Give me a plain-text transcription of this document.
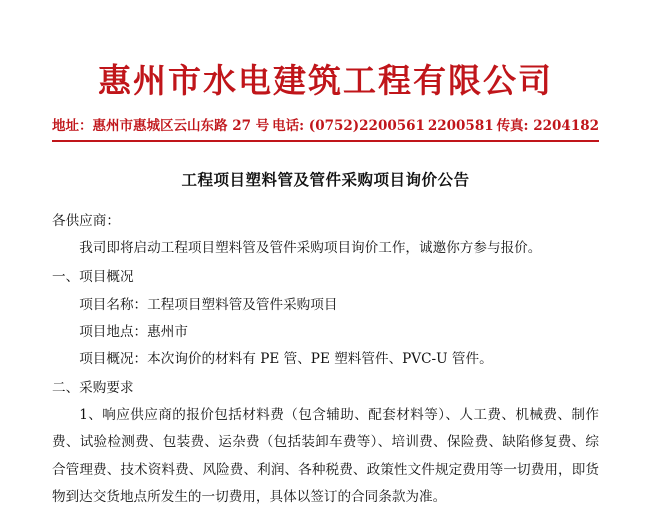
惠州市水电建筑工程有限公司
地址：惠州市惠城区云山东路 27 号 电话: (0752)2200561 2200581 传真: 2204182
工程项目塑料管及管件采购项目询价公告

各供应商：

我司即将启动工程项目塑料管及管件采购项目询价工作，诚邀你方参与报价。

一、项目概况

项目名称：工程项目塑料管及管件采购项目

项目地点：惠州市

项目概况：本次询价的材料有 PE 管、PE 塑料管件、PVC-U 管件。

二、采购要求

1、响应供应商的报价包括材料费（包含辅助、配套材料等）、人工费、机械费、制作费、试验检测费、包装费、运杂费（包括装卸车费等）、培训费、保险费、缺陷修复费、综合管理费、技术资料费、风险费、利润、各种税费、政策性文件规定费用等一切费用，即货物到达交货地点所发生的一切费用，具体以签订的合同条款为准。
